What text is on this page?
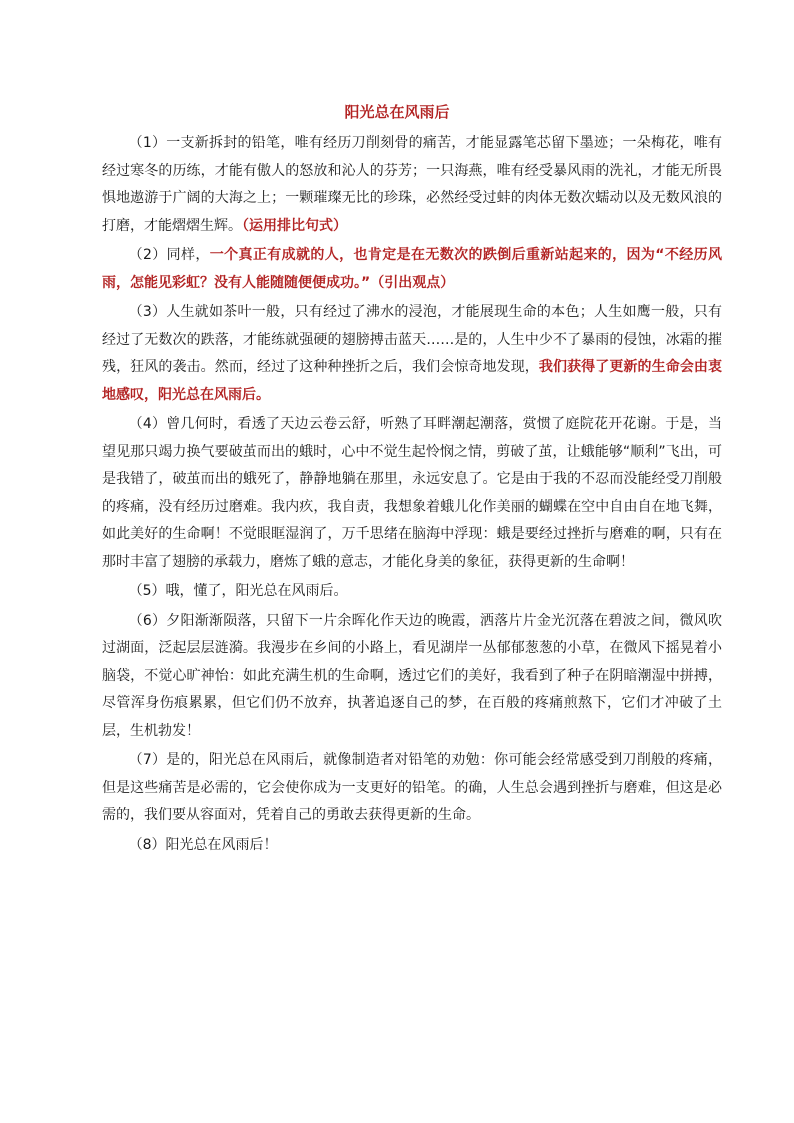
阳光总在风雨后

（1）一支新拆封的铅笔，唯有经历刀削刻骨的痛苦，才能显露笔芯留下墨迹；一朵梅花，唯有经过寒冬的历练，才能有傲人的怒放和沁人的芬芳；一只海燕，唯有经受暴风雨的洗礼，才能无所畏惧地遨游于广阔的大海之上；一颗璀璨无比的珍珠，必然经受过蚌的肉体无数次蠕动以及无数风浪的打磨，才能熠熠生辉。（运用排比句式）

（2）同样，一个真正有成就的人，也肯定是在无数次的跌倒后重新站起来的，因为“不经历风雨，怎能见彩虹？没有人能随随便便成功。”（引出观点）

（3）人生就如茶叶一般，只有经过了沸水的浸泡，才能展现生命的本色；人生如鹰一般，只有经过了无数次的跌落，才能练就强硬的翅膀搏击蓝天……是的，人生中少不了暴雨的侵蚀，冰霜的摧残，狂风的袭击。然而，经过了这种种挫折之后，我们会惊奇地发现，我们获得了更新的生命会由衷地感叹，阳光总在风雨后。

（4）曾几何时，看透了天边云卷云舒，听熟了耳畔潮起潮落，赏惯了庭院花开花谢。于是，当望见那只竭力换气要破茧而出的蛾时，心中不觉生起怜悯之情，剪破了茧，让蛾能够“顺利”飞出，可是我错了，破茧而出的蛾死了，静静地躺在那里，永远安息了。它是由于我的不忍而没能经受刀削般的疼痛，没有经历过磨难。我内疚，我自责，我想象着蛾儿化作美丽的蝴蝶在空中自由自在地飞舞，如此美好的生命啊！不觉眼眶湿润了，万千思绪在脑海中浮现：蛾是要经过挫折与磨难的啊，只有在那时丰富了翅膀的承载力，磨炼了蛾的意志，才能化身美的象征，获得更新的生命啊！

（5）哦，懂了，阳光总在风雨后。

（6）夕阳渐渐陨落，只留下一片余晖化作天边的晚霞，洒落片片金光沉落在碧波之间，微风吹过湖面，泛起层层涟漪。我漫步在乡间的小路上，看见湖岸一丛郁郁葱葱的小草，在微风下摇晃着小脑袋，不觉心旷神怡：如此充满生机的生命啊，透过它们的美好，我看到了种子在阴暗潮湿中拼搏，尽管浑身伤痕累累，但它们仍不放弃，执著追逐自己的梦，在百般的疼痛煎熬下，它们才冲破了土层，生机勃发！

（7）是的，阳光总在风雨后，就像制造者对铅笔的劝勉：你可能会经常感受到刀削般的疼痛，但是这些痛苦是必需的，它会使你成为一支更好的铅笔。的确，人生总会遇到挫折与磨难，但这是必需的，我们要从容面对，凭着自己的勇敢去获得更新的生命。

（8）阳光总在风雨后！
